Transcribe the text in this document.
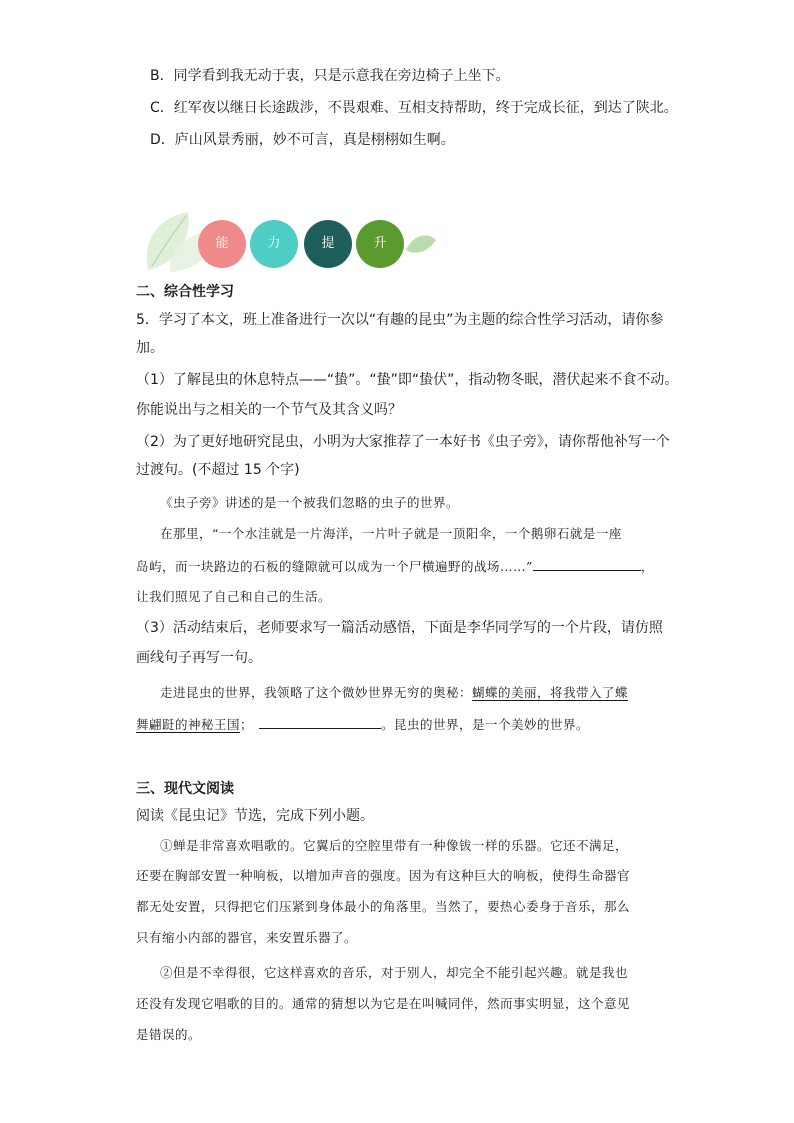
B．同学看到我无动于衷，只是示意我在旁边椅子上坐下。
C．红军夜以继日长途跋涉，不畏艰难、互相支持帮助，终于完成长征，到达了陕北。
D．庐山风景秀丽，妙不可言，真是栩栩如生啊。
能	力	提	升
二、综合性学习
5．学习了本文，班上准备进行一次以“有趣的昆虫”为主题的综合性学习活动，请你参
加。
（1）了解昆虫的休息特点——“蛰”。“蛰”即“蛰伏”，指动物冬眠，潜伏起来不食不动。
你能说出与之相关的一个节气及其含义吗？
（2）为了更好地研究昆虫，小明为大家推荐了一本好书《虫子旁》，请你帮他补写一个
过渡句。(不超过 15 个字)
《虫子旁》讲述的是一个被我们忽略的虫子的世界。
在那里，“一个水洼就是一片海洋，一片叶子就是一顶阳伞，一个鹅卵石就是一座
岛屿，而一块路边的石板的缝隙就可以成为一个尸横遍野的战场……”	，
让我们照见了自己和自己的生活。
（3）活动结束后，老师要求写一篇活动感悟，下面是李华同学写的一个片段，请仿照
画线句子再写一句。
走进昆虫的世界，我领略了这个微妙世界无穷的奥秘：蝴蝶的美丽，将我带入了蝶
舞翩跹的神秘王国；	。昆虫的世界，是一个美妙的世界。
三、现代文阅读
阅读《昆虫记》节选，完成下列小题。
①蝉是非常喜欢唱歌的。它翼后的空腔里带有一种像钹一样的乐器。它还不满足，
还要在胸部安置一种响板，以增加声音的强度。因为有这种巨大的响板，使得生命器官
都无处安置，只得把它们压紧到身体最小的角落里。当然了，要热心委身于音乐，那么
只有缩小内部的器官，来安置乐器了。
②但是不幸得很，它这样喜欢的音乐，对于别人，却完全不能引起兴趣。就是我也
还没有发现它唱歌的目的。通常的猜想以为它是在叫喊同伴，然而事实明显，这个意见
是错误的。
